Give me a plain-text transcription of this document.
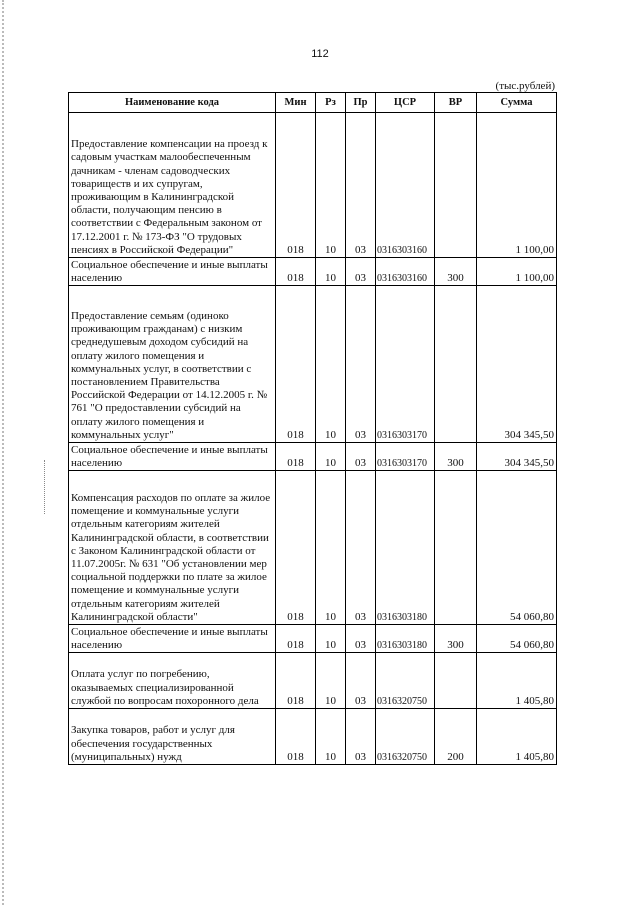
112
(тыс.рублей)
Наименование кода	Мин	Рз	Пр	ЦСР	ВР	Сумма

Предоставление компенсации на проезд к садовым участкам малообеспеченным дачникам - членам садоводческих товариществ и их супругам, проживающим в Калининградской области, получающим пенсию в соответствии с Федеральным законом от 17.12.2001 г. № 173-ФЗ "О трудовых пенсиях в Российской Федерации"	018	10	03	0316303160		1 100,00
Социальное обеспечение и иные выплаты населению	018	10	03	0316303160	300	1 100,00
Предоставление семьям (одиноко проживающим гражданам) с низким среднедушевым доходом субсидий на оплату жилого помещения и коммунальных услуг, в соответствии с постановлением Правительства Российской Федерации от 14.12.2005 г. № 761 "О предоставлении субсидий на оплату жилого помещения и коммунальных услуг"	018	10	03	0316303170		304 345,50
Социальное обеспечение и иные выплаты населению	018	10	03	0316303170	300	304 345,50
Компенсация расходов по оплате за жилое помещение и коммунальные услуги отдельным категориям жителей Калининградской области, в соответствии с Законом Калининградской области от 11.07.2005г. № 631 "Об установлении мер социальной поддержки по плате за жилое помещение и коммунальные услуги отдельным категориям жителей Калининградской области"	018	10	03	0316303180		54 060,80
Социальное обеспечение и иные выплаты населению	018	10	03	0316303180	300	54 060,80
Оплата услуг по погребению, оказываемых специализированной службой по вопросам похоронного дела	018	10	03	0316320750		1 405,80
Закупка товаров, работ и услуг для обеспечения государственных (муниципальных) нужд	018	10	03	0316320750	200	1 405,80
